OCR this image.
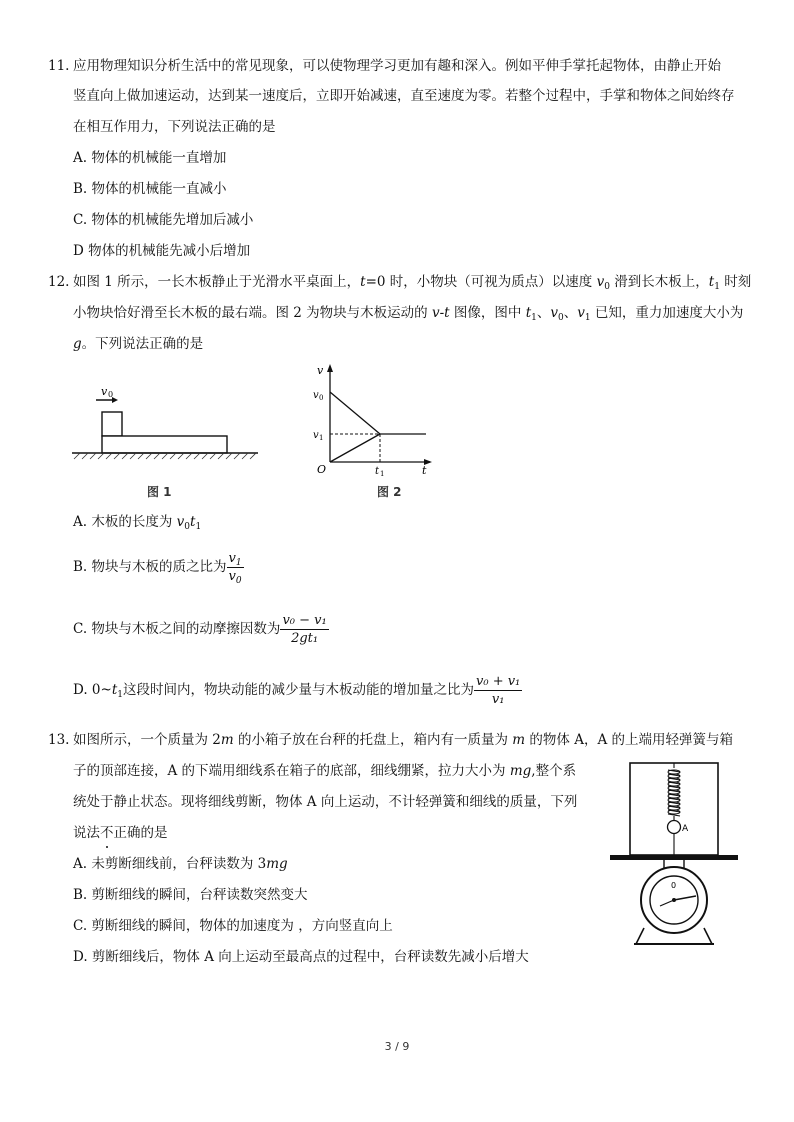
11. 应用物理知识分析生活中的常见现象，可以使物理学习更加有趣和深入。例如平伸手掌托起物体，由静止开始
竖直向上做加速运动，达到某一速度后，立即开始减速，直至速度为零。若整个过程中，手掌和物体之间始终存
在相互作用力，下列说法正确的是
A. 物体的机械能一直增加
B. 物体的机械能一直减小
C. 物体的机械能先增加后减小
D 物体的机械能先减小后增加
12. 如图 1 所示，一长木板静止于光滑水平桌面上，t=0 时，小物块（可视为质点）以速度 $v_0$ 滑到长木板上，$t_1$ 时刻
小物块恰好滑至长木板的最右端。图 2 为物块与木板运动的 v-t 图像，图中 $t_1$、$v_0$、$v_1$ 已知，重力加速度大小为
g。下列说法正确的是
v 0
图 1
v
t
O
v 0
v 1
t 1
图 2
A. 木板的长度为 $v_0t_1$
B. 物块与木板的质之比为 $\frac{v_1}{v_0}$
C. 物块与木板之间的动摩擦因数为 $\frac{\text{v₀ − v₁}}{\text{2gt₁}}$
D. $0\sim t_1$这段时间内，物块动能的减少量与木板动能的增加量之比为 $\frac{\text{v₀ + v₁}}{\text{v₁}}$
13. 如图所示，一个质量为 2m 的小箱子放在台秤的托盘上，箱内有一质量为 m 的物体 A，A 的上端用轻弹簧与箱
子的顶部连接，A 的下端用细线系在箱子的底部，细线绷紧，拉力大小为 mg,整个系
统处于静止状态。现将细线剪断，物体 A 向上运动，不计轻弹簧和细线的质量，下列
说法不正确的是
A. 未剪断细线前，台秤读数为 3mg
B. 剪断细线的瞬间，台秤读数突然变大
C. 剪断细线的瞬间，物体的加速度为 ，方向竖直向上
D. 剪断细线后，物体 A 向上运动至最高点的过程中，台秤读数先减小后增大
A
0
3 / 9
